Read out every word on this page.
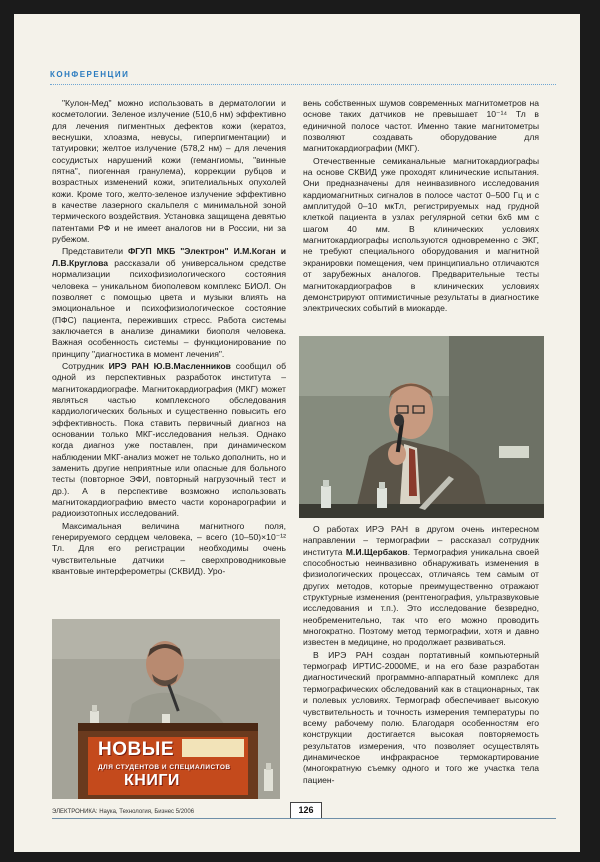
КОНФЕРЕНЦИИ

"Кулон-Мед" можно использовать в дерматологии и косметологии. Зеленое излучение (510,6 нм) эффективно для лечения пигментных дефектов кожи (кератоз, веснушки, хлоазма, невусы, гиперпигментации) и татуировки; желтое излучение (578,2 нм) – для лечения сосудистых нарушений кожи (гемангиомы, "винные пятна", пиогенная гранулема), коррекции рубцов и возрастных изменений кожи, эпителиальных опухолей кожи. Кроме того, желто-зеленое излучение эффективно в качестве лазерного скальпеля с минимальной зоной термического воздействия. Установка защищена девятью патентами РФ и не имеет аналогов ни в России, ни за рубежом.

Представители ФГУП МКБ "Электрон" И.М.Коган и Л.В.Круглова рассказали об универсальном средстве нормализации психофизиологического состояния человека – уникальном биополевом комплекс БИОЛ. Он позволяет с помощью цвета и музыки влиять на эмоциональное и психофизиологическое состояние (ПФС) пациента, переживших стресс. Работа системы заключается в анализе динамики биополя человека. Важная особенность системы – функционирование по принципу "диагностика в момент лечения".

Сотрудник ИРЭ РАН Ю.В.Масленников сообщил об одной из перспективных разработок института – магнитокардиографе. Магнитокардиография (МКГ) может являться частью комплексного обследования кардиологических больных и существенно повысить его эффективность. Пока ставить первичный диагноз на основании только МКГ-исследования нельзя. Однако когда диагноз уже поставлен, при динамическом наблюдении МКГ-анализ может не только дополнить, но и заменить другие неприятные или опасные для больного тесты (повторное ЭФИ, повторный нагрузочный тест и др.). А в перспективе возможно использовать магнитокардиографию вместо части коронарографии и радиоизотопных исследований.

Максимальная величина магнитного поля, генерируемого сердцем человека, – всего (10–50)×10⁻¹² Тл. Для его регистрации необходимы очень чувствительные датчики – сверхпроводниковые квантовые интерферометры (СКВИД). Уро-

вень собственных шумов современных магнитометров на основе таких датчиков не превышает 10⁻¹⁴ Тл в единичной полосе частот. Именно такие магнитометры позволяют создавать оборудование для магнитокардиографии (МКГ).

Отечественные семиканальные магнитокардиографы на основе СКВИД уже проходят клинические испытания. Они предназначены для неинвазивного исследования кардиомагнитных сигналов в полосе частот 0–500 Гц и с амплитудой 0–10 мкТл, регистрируемых над грудной клеткой пациента в узлах регулярной сетки 6х6 мм с шагом 40 мм. В клинических условиях магнитокардиографы используются одновременно с ЭКГ, не требуют специального оборудования и магнитной экранировки помещения, чем принципиально отличаются от зарубежных аналогов. Предварительные тесты магнитокардиографов в клинических условиях демонстрируют оптимистичные результаты в диагностике электрических событий в миокарде.

О работах ИРЭ РАН в другом очень интересном направлении – термографии – рассказал сотрудник института М.И.Щербаков. Термография уникальна своей способностью неинвазивно обнаруживать изменения в физиологических процессах, отличаясь тем самым от других методов, которые преимущественно отражают структурные изменения (рентгенография, ультразвуковые исследования и т.п.). Это исследование безвредно, необременительно, так что его можно проводить многократно. Поэтому метод термографии, хотя и давно известен в медицине, но продолжает развиваться.

В ИРЭ РАН создан портативный компьютерный термограф ИРТИС-2000МЕ, и на его базе разработан диагностический программно-аппаратный комплекс для термографических обследований как в стационарных, так и полевых условиях. Термограф обеспечивает высокую чувствительность и точность измерения температуры по всему рабочему полю. Благодаря особенностям его конструкции достигается высокая повторяемость результатов измерения, что позволяет осуществлять динамическое инфракрасное термокартирование (многократную съемку одного и того же участка тела пациен-

НОВЫЕ
ДЛЯ СТУДЕНТОВ И СПЕЦИАЛИСТОВ
КНИГИ
ЭЛЕКТРОНИКА: Наука, Технология, Бизнес 5/2006	126
